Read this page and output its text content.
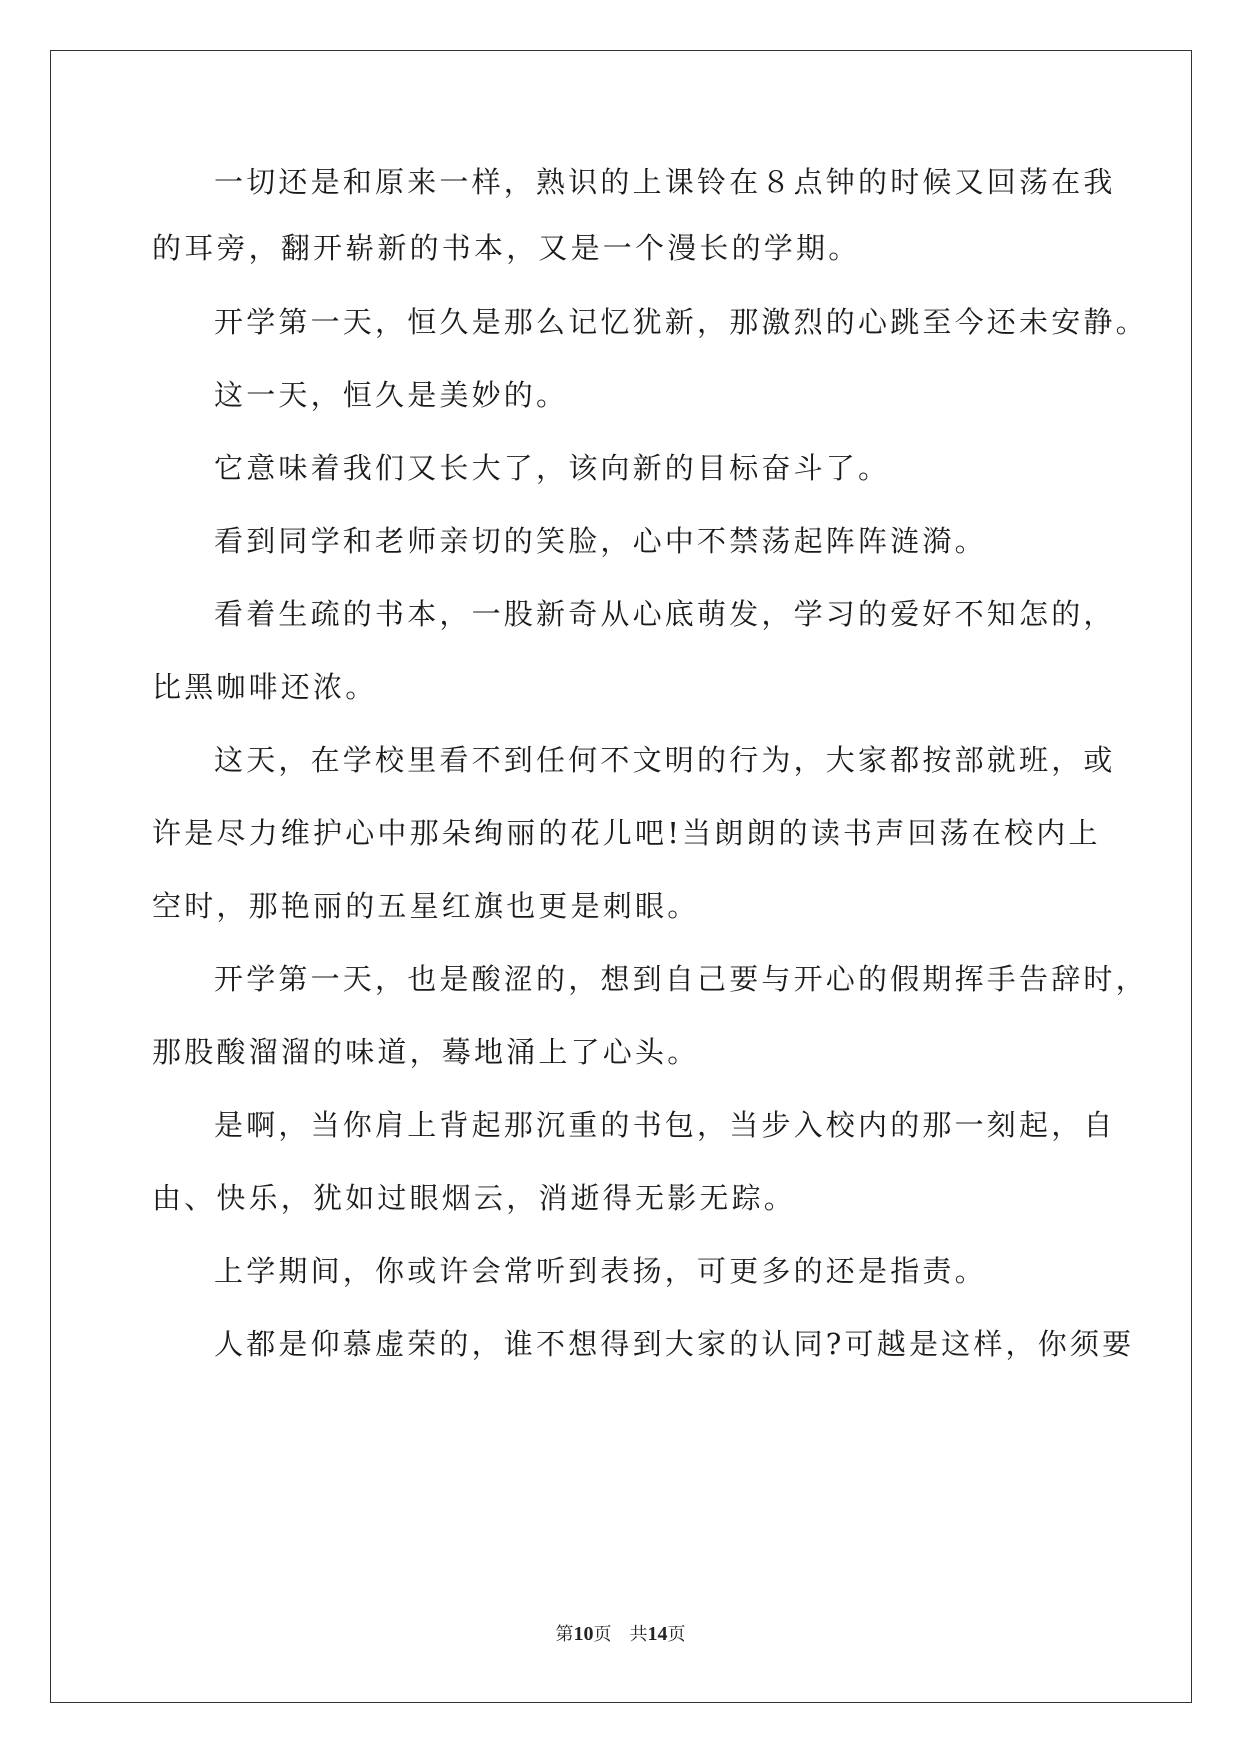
一切还是和原来一样，熟识的上课铃在８点钟的时候又回荡在我
的耳旁，翻开崭新的书本，又是一个漫长的学期。
开学第一天，恒久是那么记忆犹新，那激烈的心跳至今还未安静。
这一天，恒久是美妙的。
它意味着我们又长大了，该向新的目标奋斗了。
看到同学和老师亲切的笑脸，心中不禁荡起阵阵涟漪。
看着生疏的书本，一股新奇从心底萌发，学习的爱好不知怎的，
比黑咖啡还浓。
这天，在学校里看不到任何不文明的行为，大家都按部就班，或
许是尽力维护心中那朵绚丽的花儿吧!当朗朗的读书声回荡在校内上
空时，那艳丽的五星红旗也更是刺眼。
开学第一天，也是酸涩的，想到自己要与开心的假期挥手告辞时，
那股酸溜溜的味道，蓦地涌上了心头。
是啊，当你肩上背起那沉重的书包，当步入校内的那一刻起，自
由、快乐，犹如过眼烟云，消逝得无影无踪。
上学期间，你或许会常听到表扬，可更多的还是指责。
人都是仰慕虚荣的，谁不想得到大家的认同?可越是这样，你须要
第10页 共14页
